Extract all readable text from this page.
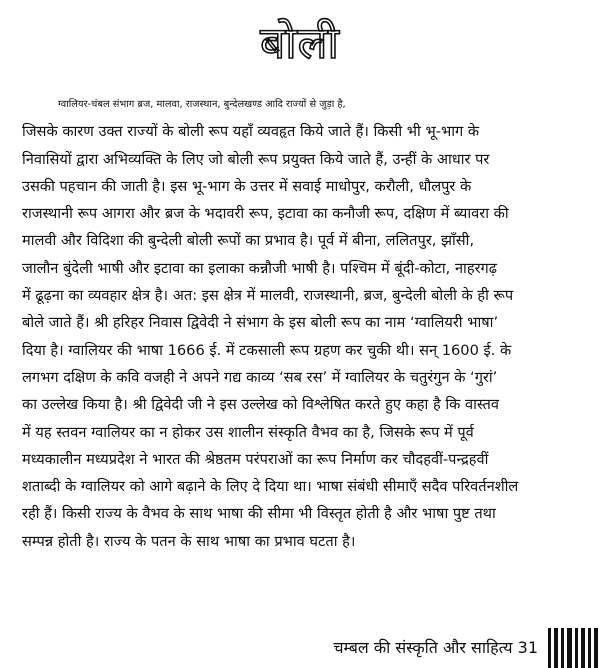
बोली
ग्वालियर-चंबल संभाग ब्रज, मालवा, राजस्थान, बुन्देलखण्ड आदि राज्यों से जुड़ा है,
जिसके कारण उक्त राज्यों के बोली रूप यहाँ व्यवहृत किये जाते हैं। किसी भी भू-भाग के
निवासियों द्वारा अभिव्यक्ति के लिए जो बोली रूप प्रयुक्त किये जाते हैं, उन्हीं के आधार पर
उसकी पहचान की जाती है। इस भू-भाग के उत्तर में सवाई माधोपुर, करौली, धौलपुर के
राजस्थानी रूप आगरा और ब्रज के भदावरी रूप, इटावा का कनौजी रूप, दक्षिण में ब्यावरा की
मालवी और विदिशा की बुन्देली बोली रूपों का प्रभाव है। पूर्व में बीना, ललितपुर, झाँसी,
जालौन बुंदेली भाषी और इटावा का इलाका कन्नौजी भाषी है। पश्चिम में बूंदी-कोटा, नाहरगढ़
में ढूढ़ना का व्यवहार क्षेत्र है। अत: इस क्षेत्र में मालवी, राजस्थानी, ब्रज, बुन्देली बोली के ही रूप
बोले जाते हैं। श्री हरिहर निवास द्विवेदी ने संभाग के इस बोली रूप का नाम ‘ग्वालियरी भाषा’
दिया है। ग्वालियर की भाषा 1666 ई. में टकसाली रूप ग्रहण कर चुकी थी। सन् 1600 ई. के
लगभग दक्षिण के कवि वजही ने अपने गद्य काव्य ‘सब रस’ में ग्वालियर के चतुरंगुन के ‘गुरां’
का उल्लेख किया है। श्री द्विवेदी जी ने इस उल्लेख को विश्लेषित करते हुए कहा है कि वास्तव
में यह स्तवन ग्वालियर का न होकर उस शालीन संस्कृति वैभव का है, जिसके रूप में पूर्व
मध्यकालीन मध्यप्रदेश ने भारत की श्रेष्ठतम परंपराओं का रूप निर्माण कर चौदहवीं-पन्द्रहवीं
शताब्दी के ग्वालियर को आगे बढ़ाने के लिए दे दिया था। भाषा संबंधी सीमाएँ सदैव परिवर्तनशील
रही हैं। किसी राज्य के वैभव के साथ भाषा की सीमा भी विस्तृत होती है और भाषा पुष्ट तथा
सम्पन्न होती है। राज्य के पतन के साथ भाषा का प्रभाव घटता है।
चम्बल की संस्कृति और साहित्य 31
